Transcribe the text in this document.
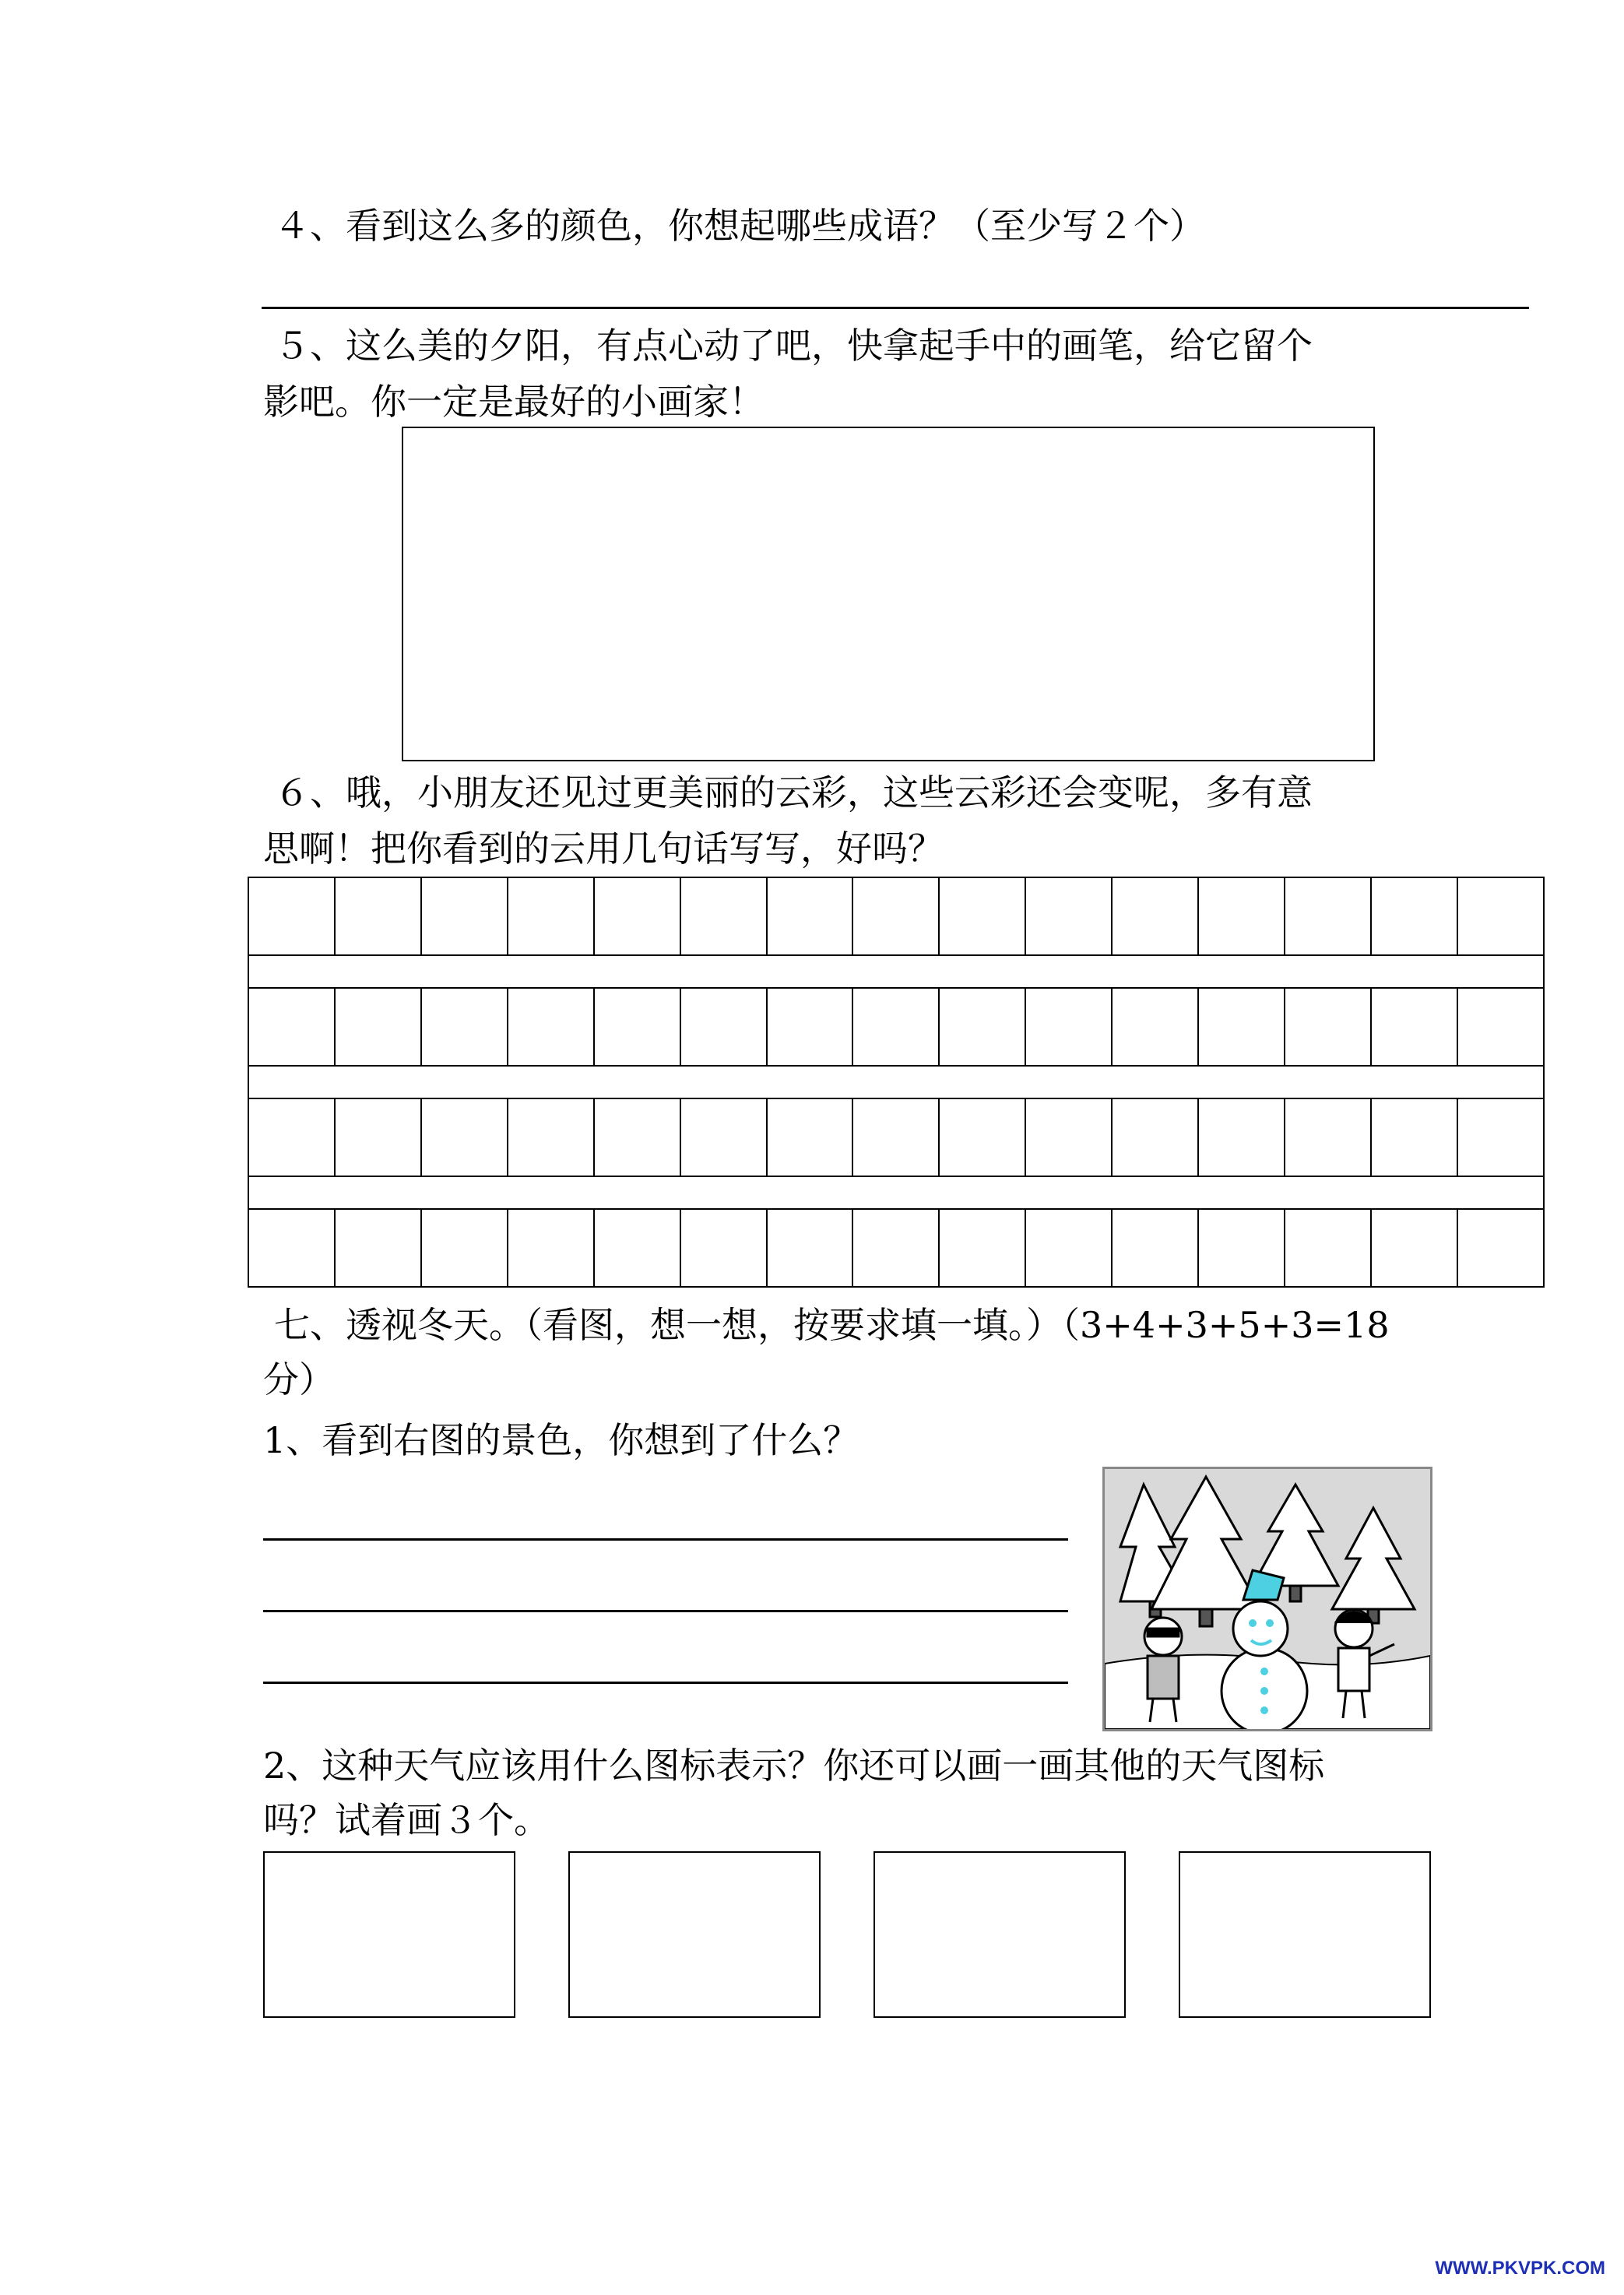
４、看到这么多的颜色，你想起哪些成语？（至少写２个）
５、这么美的夕阳，有点心动了吧，快拿起手中的画笔，给它留个
影吧。你一定是最好的小画家！
６、哦，小朋友还见过更美丽的云彩，这些云彩还会变呢，多有意
思啊！把你看到的云用几句话写写，好吗？

七、透视冬天。（看图，想一想，按要求填一填。）（3+4+3+5+3=18
分）
1、看到右图的景色，你想到了什么？
2、这种天气应该用什么图标表示？你还可以画一画其他的天气图标
吗？试着画３个。
WWW.PKVPK.COM
